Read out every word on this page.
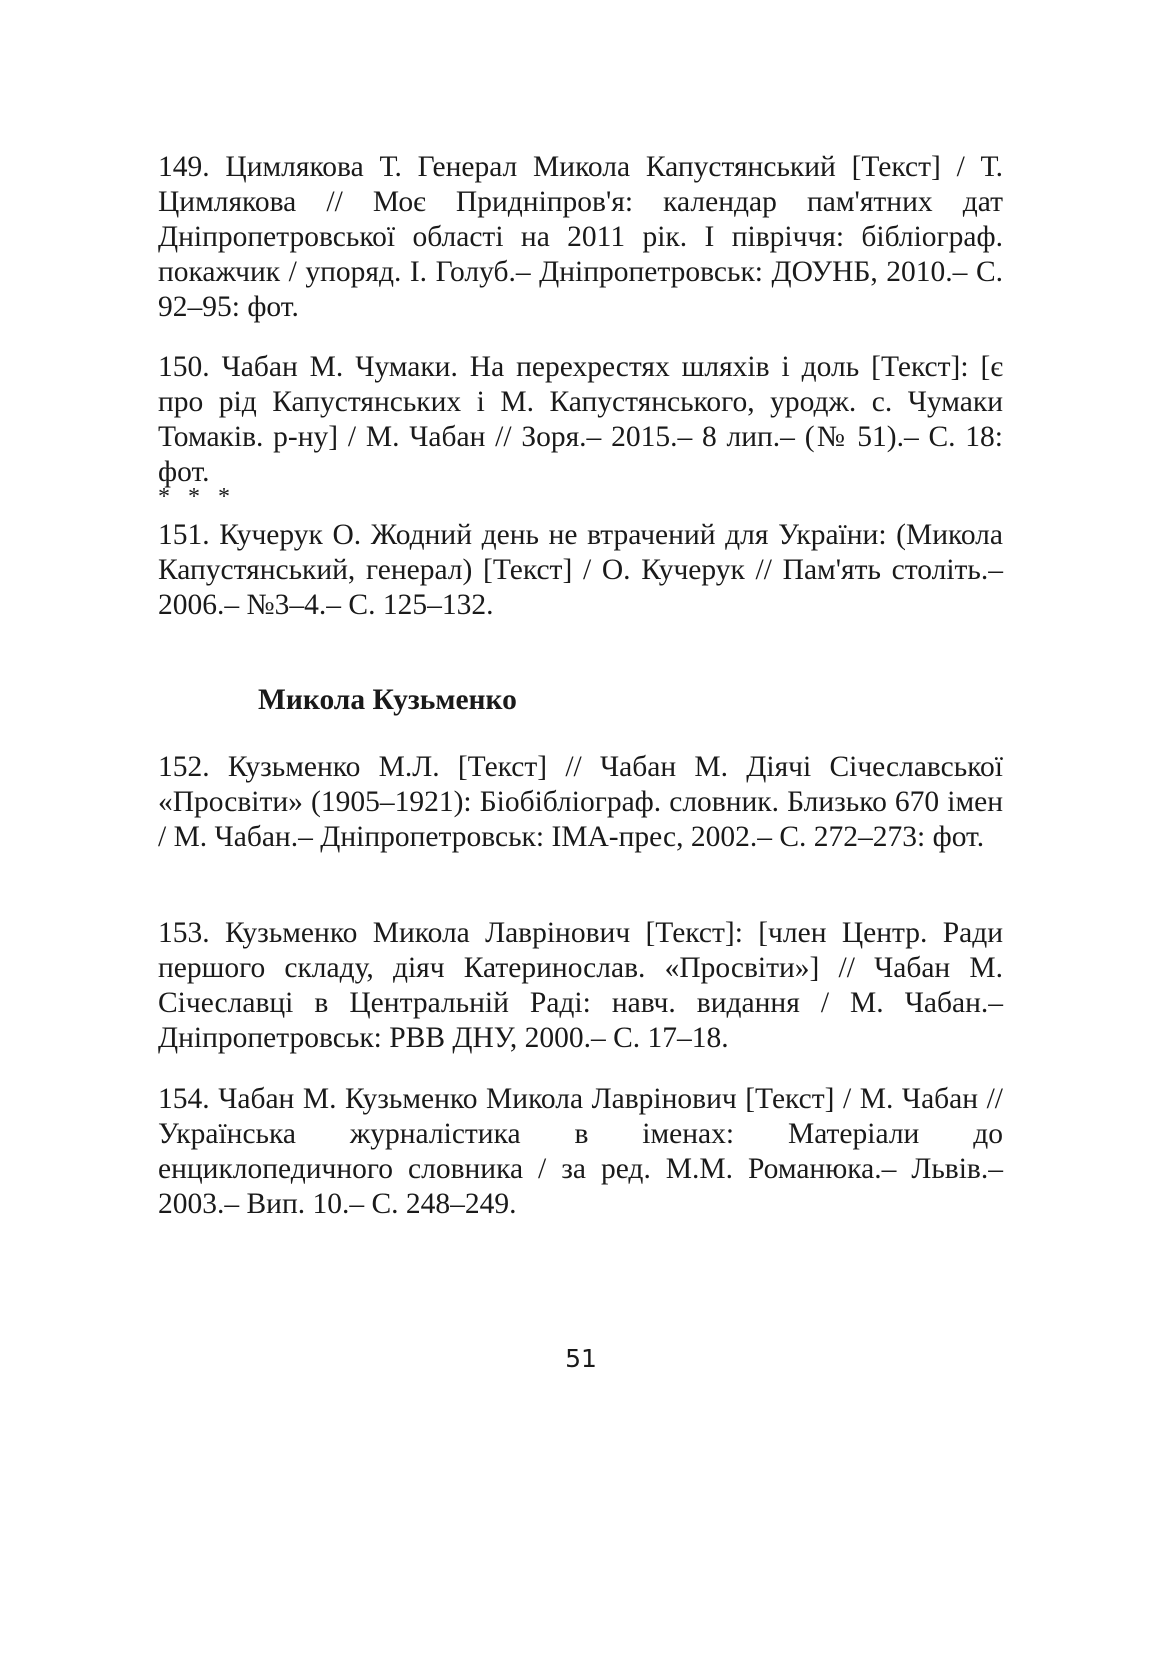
149. Цимлякова Т. Генерал Микола Капустянський [Текст] / Т. Цимлякова // Моє Придніпров'я: календар пам'ятних дат Дніпропетровської області на 2011 рік. І півріччя: бібліограф. покажчик / упоряд. І. Голуб.– Дніпропетровськ: ДОУНБ, 2010.– С. 92–95: фот.

150. Чабан М. Чумаки. На перехрестях шляхів і доль [Текст]: [є про рід Капустянських і М. Капустянського, уродж. с. Чумаки Томаків. р-ну] / М. Чабан // Зоря.– 2015.– 8 лип.– (№ 51).– С. 18: фот.

* * *

151. Кучерук О. Жодний день не втрачений для України: (Микола Капустянський, генерал) [Текст] / О. Кучерук // Пам'ять століть.– 2006.– №3–4.– С. 125–132.

Микола Кузьменко

152. Кузьменко М.Л. [Текст] // Чабан М. Діячі Січеславської «Просвіти» (1905–1921): Біобібліограф. словник. Близько 670 імен / М. Чабан.– Дніпропетровськ: ІМА-прес, 2002.– С. 272–273: фот.

153. Кузьменко Микола Лаврінович [Текст]: [член Центр. Ради першого складу, діяч Катеринослав. «Просвіти»] // Чабан М. Січеславці в Центральній Раді: навч. видання / М. Чабан.– Дніпропетровськ: РВВ ДНУ, 2000.– С. 17–18.

154. Чабан М. Кузьменко Микола Лаврінович [Текст] / М. Чабан // Українська журналістика в іменах: Матеріали до енциклопедичного словника / за ред. М.М. Романюка.– Львів.– 2003.– Вип. 10.– С. 248–249.

51
